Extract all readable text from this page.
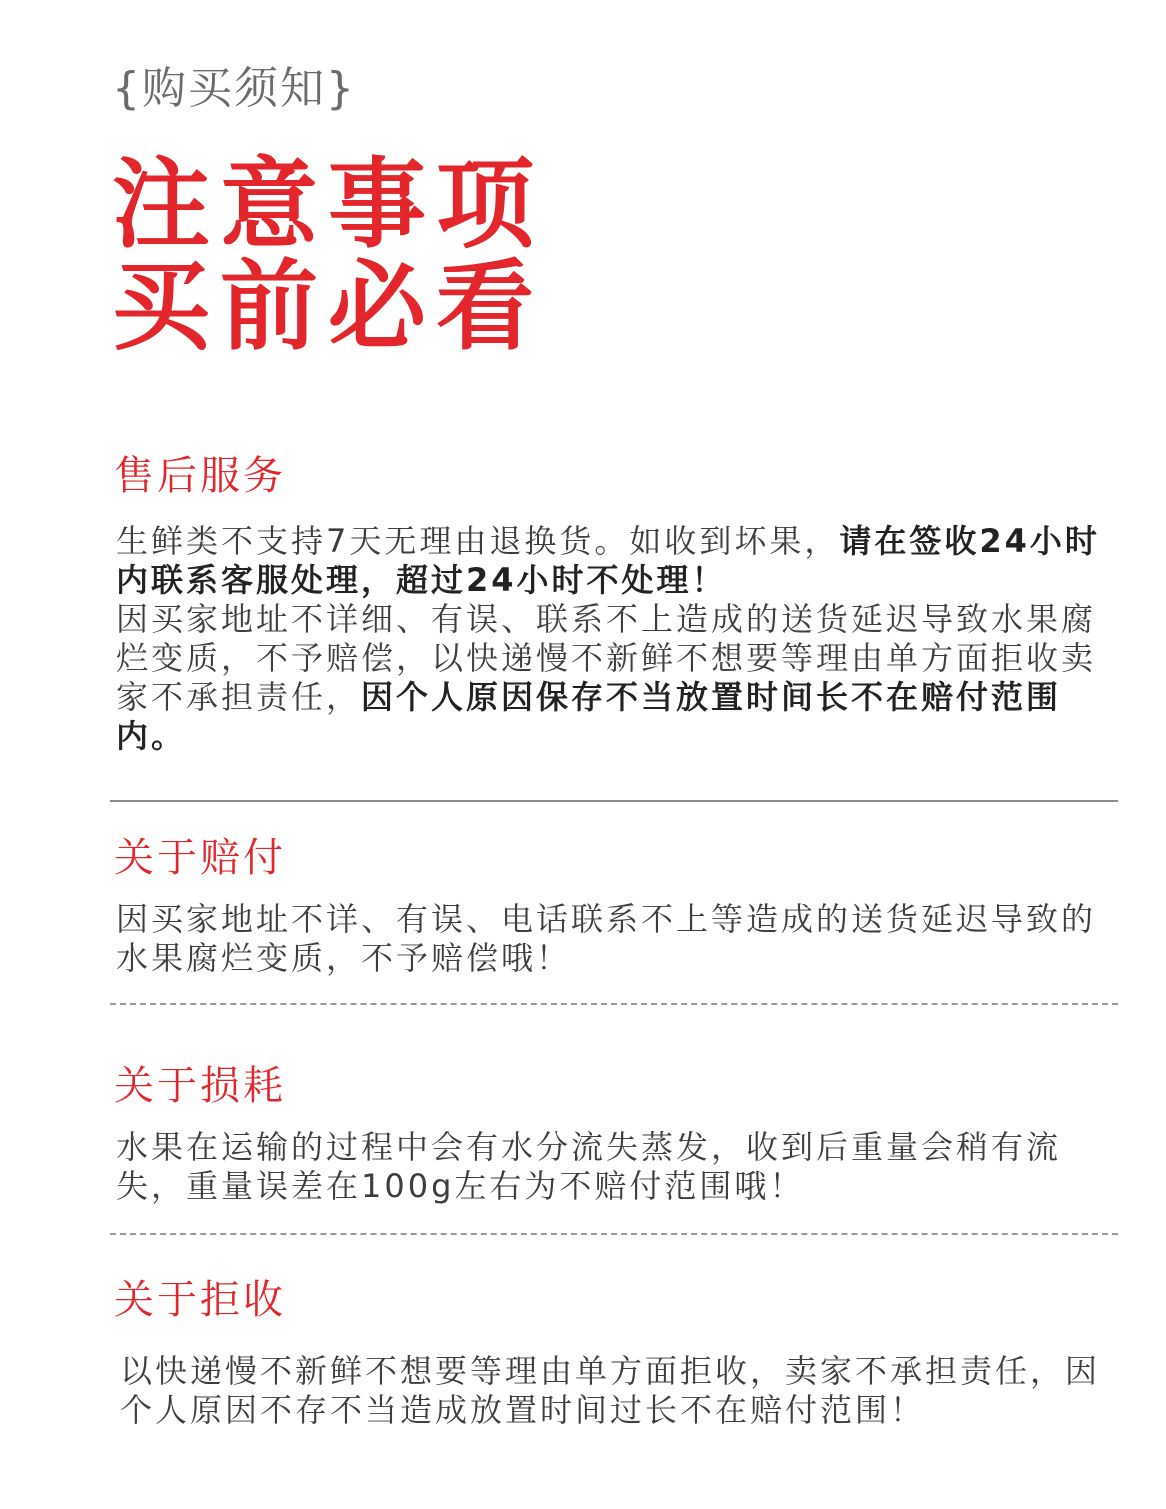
{购买须知}
注意事项
买前必看
售后服务

生鲜类不支持7天无理由退换货。如收到坏果，请在签收24小时内联系客服处理，超过24小时不处理！
因买家地址不详细、有误、联系不上造成的送货延迟导致水果腐烂变质，不予赔偿，以快递慢不新鲜不想要等理由单方面拒收卖家不承担责任，因个人原因保存不当放置时间长不在赔付范围内。

关于赔付

因买家地址不详、有误、电话联系不上等造成的送货延迟导致的水果腐烂变质，不予赔偿哦！

关于损耗

水果在运输的过程中会有水分流失蒸发，收到后重量会稍有流失，重量误差在100g左右为不赔付范围哦！

关于拒收

以快递慢不新鲜不想要等理由单方面拒收，卖家不承担责任，因个人原因不存不当造成放置时间过长不在赔付范围！
